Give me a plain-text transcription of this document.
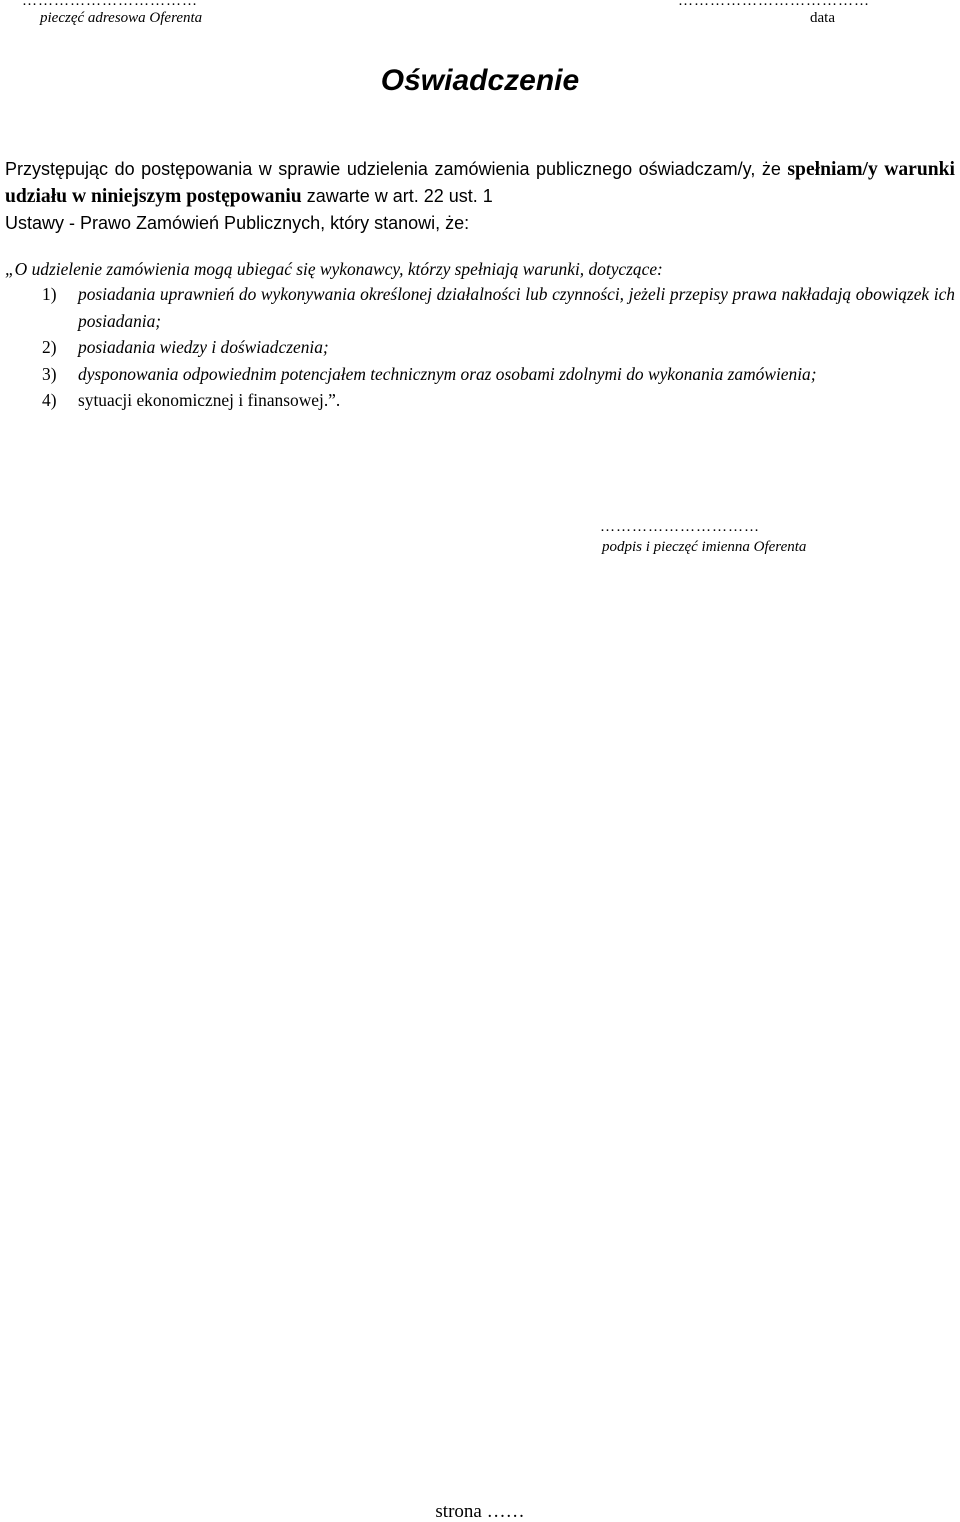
……………………………
pieczęć adresowa Oferenta
………………………………
data
Oświadczenie
Przystępując do postępowania w sprawie udzielenia zamówienia publicznego oświadczam/y, że spełniam/y warunki udziału w niniejszym postępowaniu zawarte w art. 22 ust. 1
Ustawy - Prawo Zamówień Publicznych, który stanowi, że:
„O udzielenie zamówienia mogą ubiegać się wykonawcy, którzy spełniają warunki, dotyczące:
1) posiadania uprawnień do wykonywania określonej działalności lub czynności, jeżeli przepisy prawa nakładają obowiązek ich posiadania;
2) posiadania wiedzy i doświadczenia;
3) dysponowania odpowiednim potencjałem technicznym oraz osobami zdolnymi do wykonania zamówienia;
4) sytuacji ekonomicznej i finansowej.”.
…………………………
podpis i pieczęć imienna Oferenta
strona ……
